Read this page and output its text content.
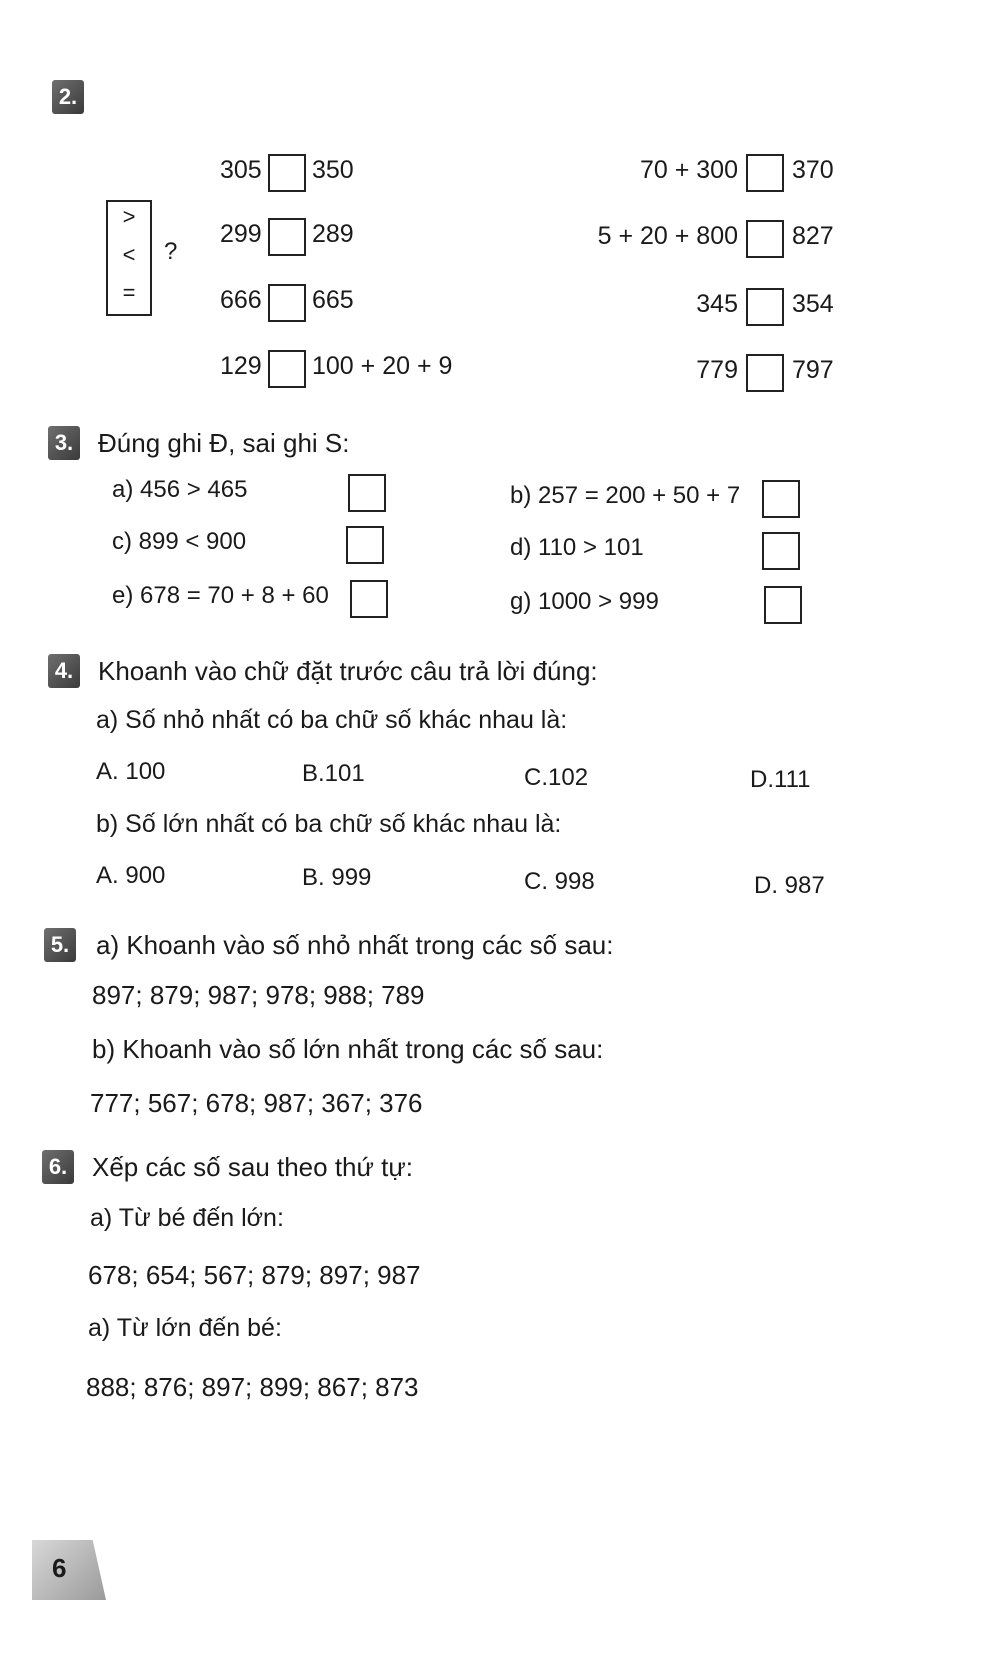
2.
>
<
=
?
305 350
299 289
666 665
129 100 + 20 + 9
70 + 300 370
5 + 20 + 800 827
345 354
779 797
3. Đúng ghi Đ, sai ghi S:
a) 456 > 465	b) 257 = 200 + 50 + 7
c) 899 < 900	d) 110 > 101
e) 678 = 70 + 8 + 60	g) 1000 > 999
4. Khoanh vào chữ đặt trước câu trả lời đúng:
a) Số nhỏ nhất có ba chữ số khác nhau là:
A. 100	B.101	C.102	D.111
b) Số lớn nhất có ba chữ số khác nhau là:
A. 900	B. 999	C. 998	D. 987
5. a) Khoanh vào số nhỏ nhất trong các số sau:
897; 879; 987; 978; 988; 789
b) Khoanh vào số lớn nhất trong các số sau:
777; 567; 678; 987; 367; 376
6. Xếp các số sau theo thứ tự:
a) Từ bé đến lớn:
678; 654; 567; 879; 897; 987
a) Từ lớn đến bé:
888; 876; 897; 899; 867; 873
6
